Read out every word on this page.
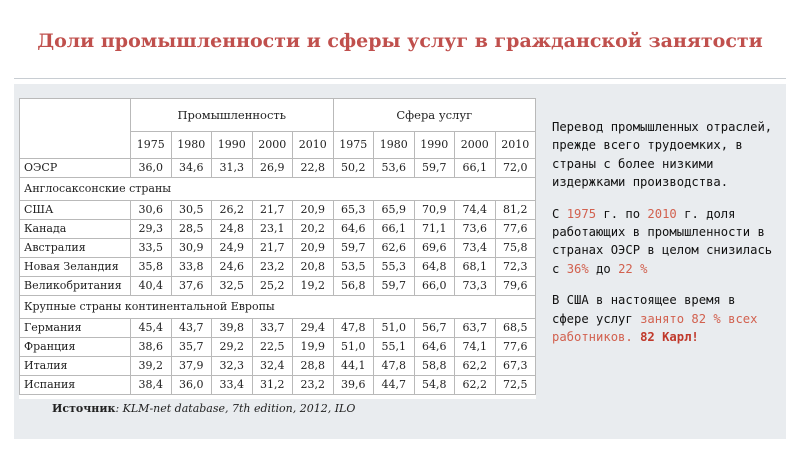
Доли промышленности и сферы услуг в гражданской занятости
	Промышленность					Сфера услуг				
	1975	1980	1990	2000	2010	1975	1980	1990	2000	2010
ОЭСР	36,0	34,6	31,3	26,9	22,8	50,2	53,6	59,7	66,1	72,0
Англосаксонские страны										
США	30,6	30,5	26,2	21,7	20,9	65,3	65,9	70,9	74,4	81,2
Канада	29,3	28,5	24,8	23,1	20,2	64,6	66,1	71,1	73,6	77,6
Австралия	33,5	30,9	24,9	21,7	20,9	59,7	62,6	69,6	73,4	75,8
Новая Зеландия	35,8	33,8	24,6	23,2	20,8	53,5	55,3	64,8	68,1	72,3
Великобритания	40,4	37,6	32,5	25,2	19,2	56,8	59,7	66,0	73,3	79,6
Крупные страны континентальной Европы										
Германия	45,4	43,7	39,8	33,7	29,4	47,8	51,0	56,7	63,7	68,5
Франция	38,6	35,7	29,2	22,5	19,9	51,0	55,1	64,6	74,1	77,6
Италия	39,2	37,9	32,3	32,4	28,8	44,1	47,8	58,8	62,2	67,3
Испания	38,4	36,0	33,4	31,2	23,2	39,6	44,7	54,8	62,2	72,5
Источник: KLM-net database, 7th edition, 2012, ILO

Перевод промышленных отраслей, прежде всего трудоемких, в страны с более низкими издержками производства.

С 1975 г. по 2010 г. доля работающих в промышленности в странах ОЭСР в целом снизилась с 36% до 22 %

В США в настоящее время в сфере услуг занято 82 % всех работников. 82 Карл!
